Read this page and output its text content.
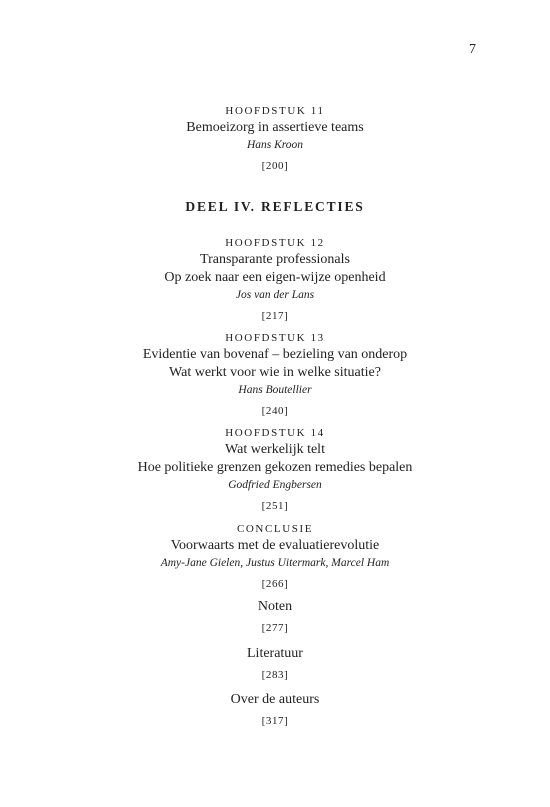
7
HOOFDSTUK 11
Bemoeizorg in assertieve teams
Hans Kroon
[200]
DEEL IV. REFLECTIES
HOOFDSTUK 12
Transparante professionals
Op zoek naar een eigen-wijze openheid
Jos van der Lans
[217]
HOOFDSTUK 13
Evidentie van bovenaf – bezieling van onderop
Wat werkt voor wie in welke situatie?
Hans Boutellier
[240]
HOOFDSTUK 14
Wat werkelijk telt
Hoe politieke grenzen gekozen remedies bepalen
Godfried Engbersen
[251]
CONCLUSIE
Voorwaarts met de evaluatierevolutie
Amy-Jane Gielen, Justus Uitermark, Marcel Ham
[266]
Noten
[277]
Literatuur
[283]
Over de auteurs
[317]
